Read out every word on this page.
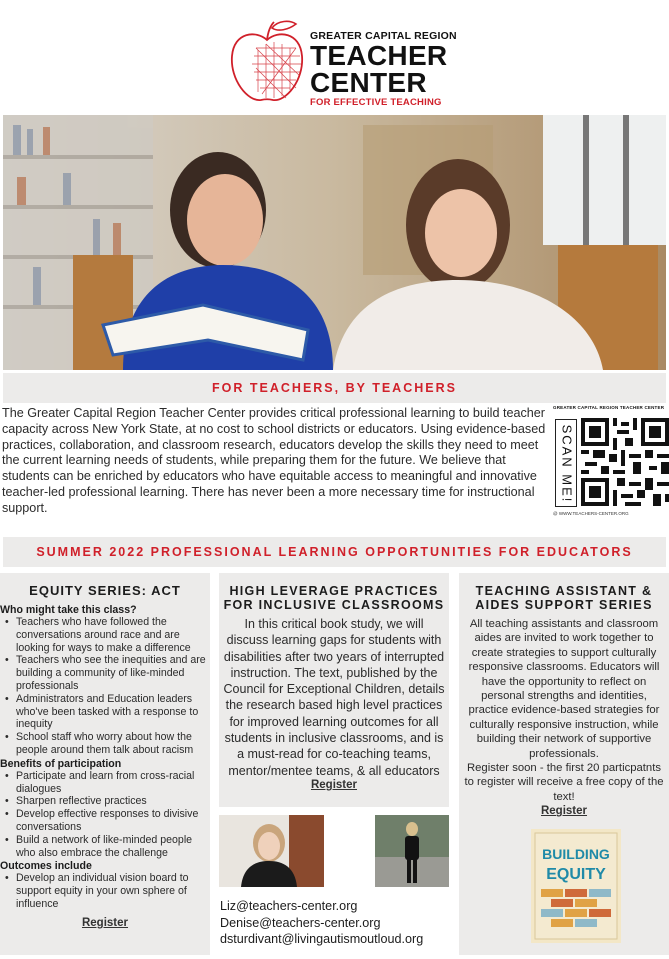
GREATER CAPITAL REGION
TEACHER
CENTER
FOR EFFECTIVE TEACHING
FOR TEACHERS, BY TEACHERS

The Greater Capital Region Teacher Center provides critical professional learning to build teacher capacity across New York State, at no cost to school districts or educators. Using evidence-based practices, collaboration, and classroom research, educators develop the skills they need to meet the current learning needs of students, while preparing them for the future. We believe that students can be enriched by educators who have equitable access to meaningful and innovative teacher-led professional learning. There has never been a more necessary time for instructional support.

GREATER CAPITAL REGION TEACHER CENTER
SCAN ME!
@ WWW.TEACHERS-CENTER.ORG
SUMMER 2022 PROFESSIONAL LEARNING OPPORTUNITIES FOR EDUCATORS
EQUITY SERIES: ACT
Who might take this class?
• Teachers who have followed the conversations around race and are looking for ways to make a difference
• Teachers who see the inequities and are building a community of like-minded professionals
• Administrators and Education leaders who've been tasked with a response to inequity
• School staff who worry about how the people around them talk about racism
Benefits of participation
• Participate and learn from cross-racial dialogues
• Sharpen reflective practices
• Develop effective responses to divisive conversations
• Build a network of like-minded people who also embrace the challenge
Outcomes include
• Develop an individual vision board to support equity in your own sphere of influence
Register
HIGH LEVERAGE PRACTICES
FOR INCLUSIVE CLASSROOMS

In this critical book study, we will discuss learning gaps for students with disabilities after two years of interrupted instruction. The text, published by the Council for Exceptional Children, details the research based high level practices for improved learning outcomes for all students in inclusive classrooms, and is a must-read for co-teaching teams, mentor/mentee teams, & all educators

Register
Liz@teachers-center.org
Denise@teachers-center.org
dsturdivant@livingautismoutloud.org
TEACHING ASSISTANT &
AIDES SUPPORT SERIES

All teaching assistants and classroom aides are invited to work together to create strategies to support culturally responsive classrooms. Educators will have the opportunity to reflect on personal strengths and identities, practice evidence-based strategies for culturally responsive instruction, while building their network of supportive professionals.

Register soon - the first 20 particpatnts to register will receive a free copy of the text!

Register
BUILDING
EQUITY
